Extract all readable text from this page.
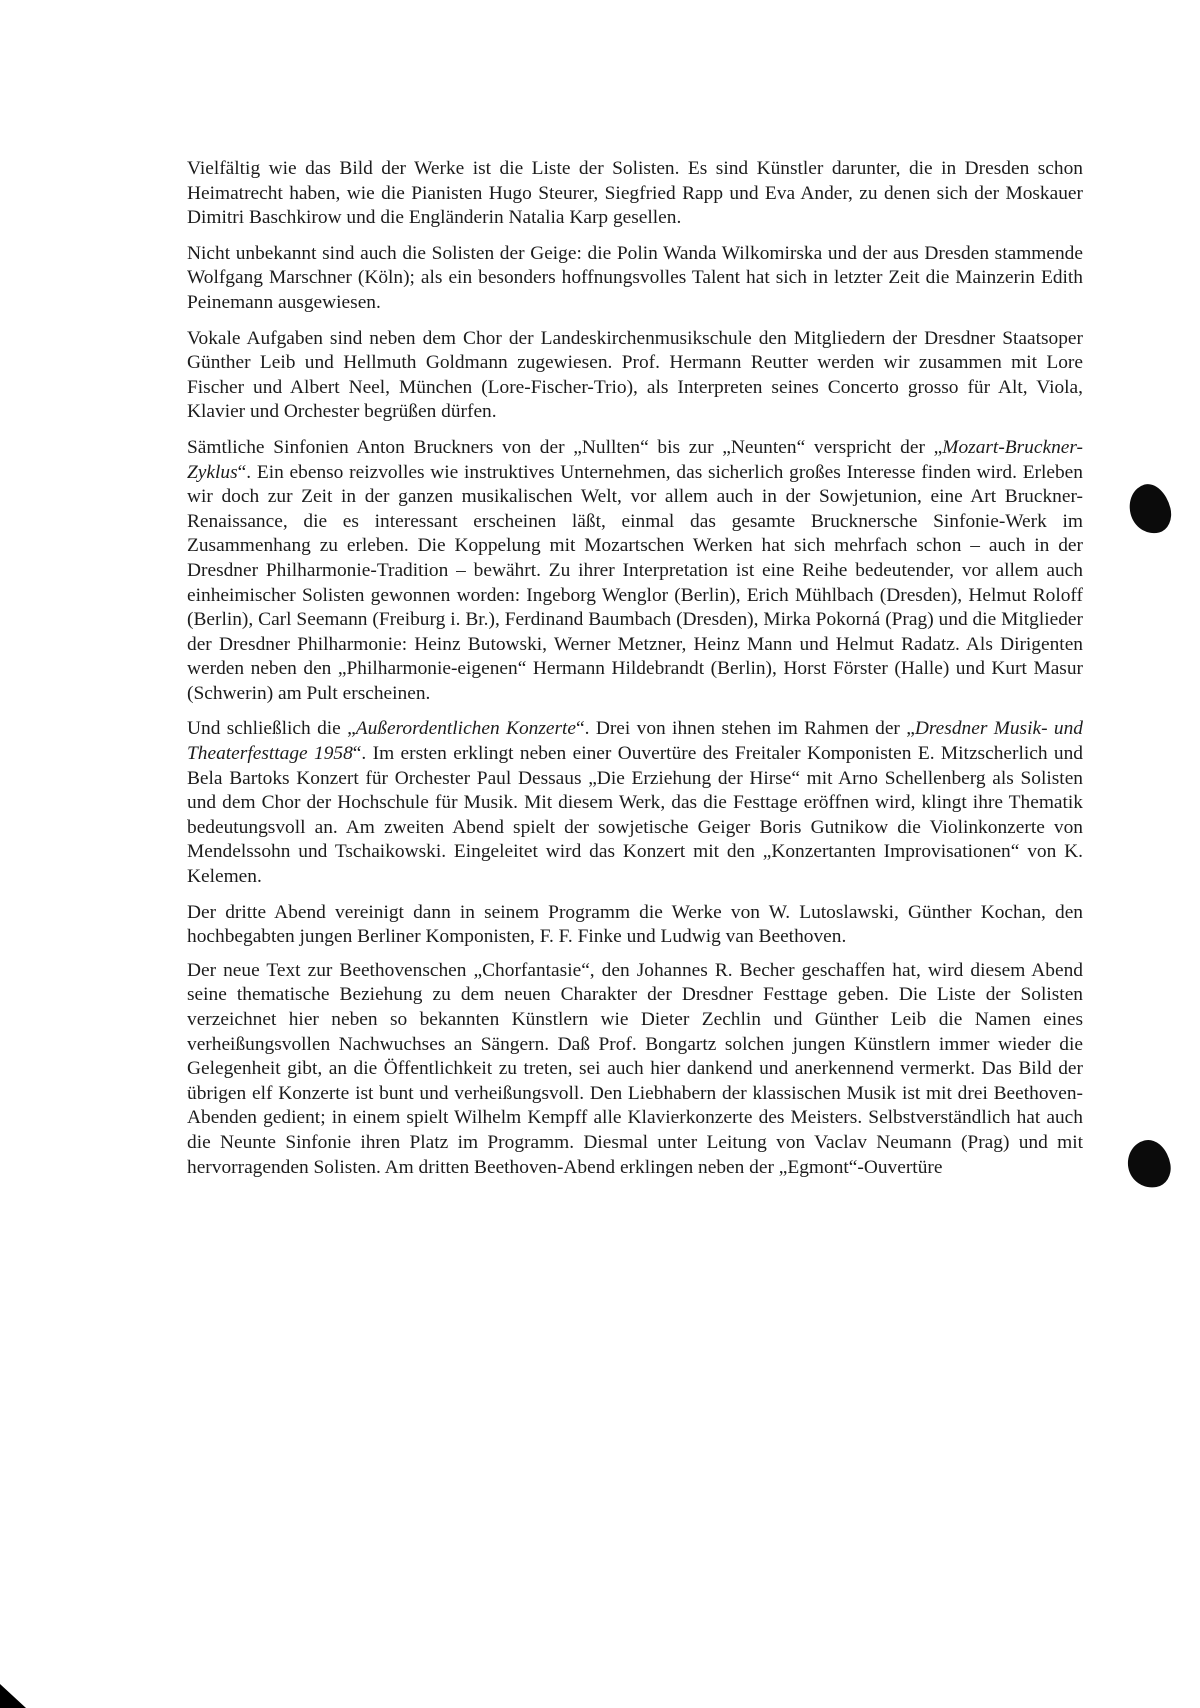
Vielfältig wie das Bild der Werke ist die Liste der Solisten. Es sind Künstler darunter, die in Dresden schon Heimatrecht haben, wie die Pianisten Hugo Steurer, Siegfried Rapp und Eva Ander, zu denen sich der Moskauer Dimitri Baschkirow und die Engländerin Natalia Karp gesellen.

Nicht unbekannt sind auch die Solisten der Geige: die Polin Wanda Wilkomirska und der aus Dresden stammende Wolfgang Marschner (Köln); als ein besonders hoffnungsvolles Talent hat sich in letzter Zeit die Mainzerin Edith Peinemann ausgewiesen.

Vokale Aufgaben sind neben dem Chor der Landeskirchenmusikschule den Mitgliedern der Dresdner Staatsoper Günther Leib und Hellmuth Goldmann zugewiesen. Prof. Hermann Reutter werden wir zusammen mit Lore Fischer und Albert Neel, München (Lore-Fischer-Trio), als Interpreten seines Concerto grosso für Alt, Viola, Klavier und Orchester begrüßen dürfen.

Sämtliche Sinfonien Anton Bruckners von der „Nullten“ bis zur „Neunten“ verspricht der „Mozart-Bruckner-Zyklus“. Ein ebenso reizvolles wie instruktives Unternehmen, das sicherlich großes Interesse finden wird. Erleben wir doch zur Zeit in der ganzen musikalischen Welt, vor allem auch in der Sowjetunion, eine Art Bruckner-Renaissance, die es interessant erscheinen läßt, einmal das gesamte Brucknersche Sinfonie-Werk im Zusammenhang zu erleben. Die Koppelung mit Mozartschen Werken hat sich mehrfach schon – auch in der Dresdner Philharmonie-Tradition – bewährt. Zu ihrer Interpretation ist eine Reihe bedeutender, vor allem auch einheimischer Solisten gewonnen worden: Ingeborg Wenglor (Berlin), Erich Mühlbach (Dresden), Helmut Roloff (Berlin), Carl Seemann (Freiburg i. Br.), Ferdinand Baumbach (Dresden), Mirka Pokorná (Prag) und die Mitglieder der Dresdner Philharmonie: Heinz Butowski, Werner Metzner, Heinz Mann und Helmut Radatz. Als Dirigenten werden neben den „Philharmonie-eigenen“ Hermann Hildebrandt (Berlin), Horst Förster (Halle) und Kurt Masur (Schwerin) am Pult erscheinen.

Und schließlich die „Außerordentlichen Konzerte“. Drei von ihnen stehen im Rahmen der „Dresdner Musik- und Theaterfesttage 1958“. Im ersten erklingt neben einer Ouvertüre des Freitaler Komponisten E. Mitzscherlich und Bela Bartoks Konzert für Orchester Paul Dessaus „Die Erziehung der Hirse“ mit Arno Schellenberg als Solisten und dem Chor der Hochschule für Musik. Mit diesem Werk, das die Festtage eröffnen wird, klingt ihre Thematik bedeutungsvoll an. Am zweiten Abend spielt der sowjetische Geiger Boris Gutnikow die Violinkonzerte von Mendelssohn und Tschaikowski. Eingeleitet wird das Konzert mit den „Konzertanten Improvisationen“ von K. Kelemen.

Der dritte Abend vereinigt dann in seinem Programm die Werke von W. Lutoslawski, Günther Kochan, den hochbegabten jungen Berliner Komponisten, F. F. Finke und Ludwig van Beethoven.

Der neue Text zur Beethovenschen „Chorfantasie“, den Johannes R. Becher geschaffen hat, wird diesem Abend seine thematische Beziehung zu dem neuen Charakter der Dresdner Festtage geben. Die Liste der Solisten verzeichnet hier neben so bekannten Künstlern wie Dieter Zechlin und Günther Leib die Namen eines verheißungsvollen Nachwuchses an Sängern. Daß Prof. Bongartz solchen jungen Künstlern immer wieder die Gelegenheit gibt, an die Öffentlichkeit zu treten, sei auch hier dankend und anerkennend vermerkt. Das Bild der übrigen elf Konzerte ist bunt und verheißungsvoll. Den Liebhabern der klassischen Musik ist mit drei Beethoven-Abenden gedient; in einem spielt Wilhelm Kempff alle Klavierkonzerte des Meisters. Selbstverständlich hat auch die Neunte Sinfonie ihren Platz im Programm. Diesmal unter Leitung von Vaclav Neumann (Prag) und mit hervorragenden Solisten. Am dritten Beethoven-Abend erklingen neben der „Egmont“-Ouvertüre
